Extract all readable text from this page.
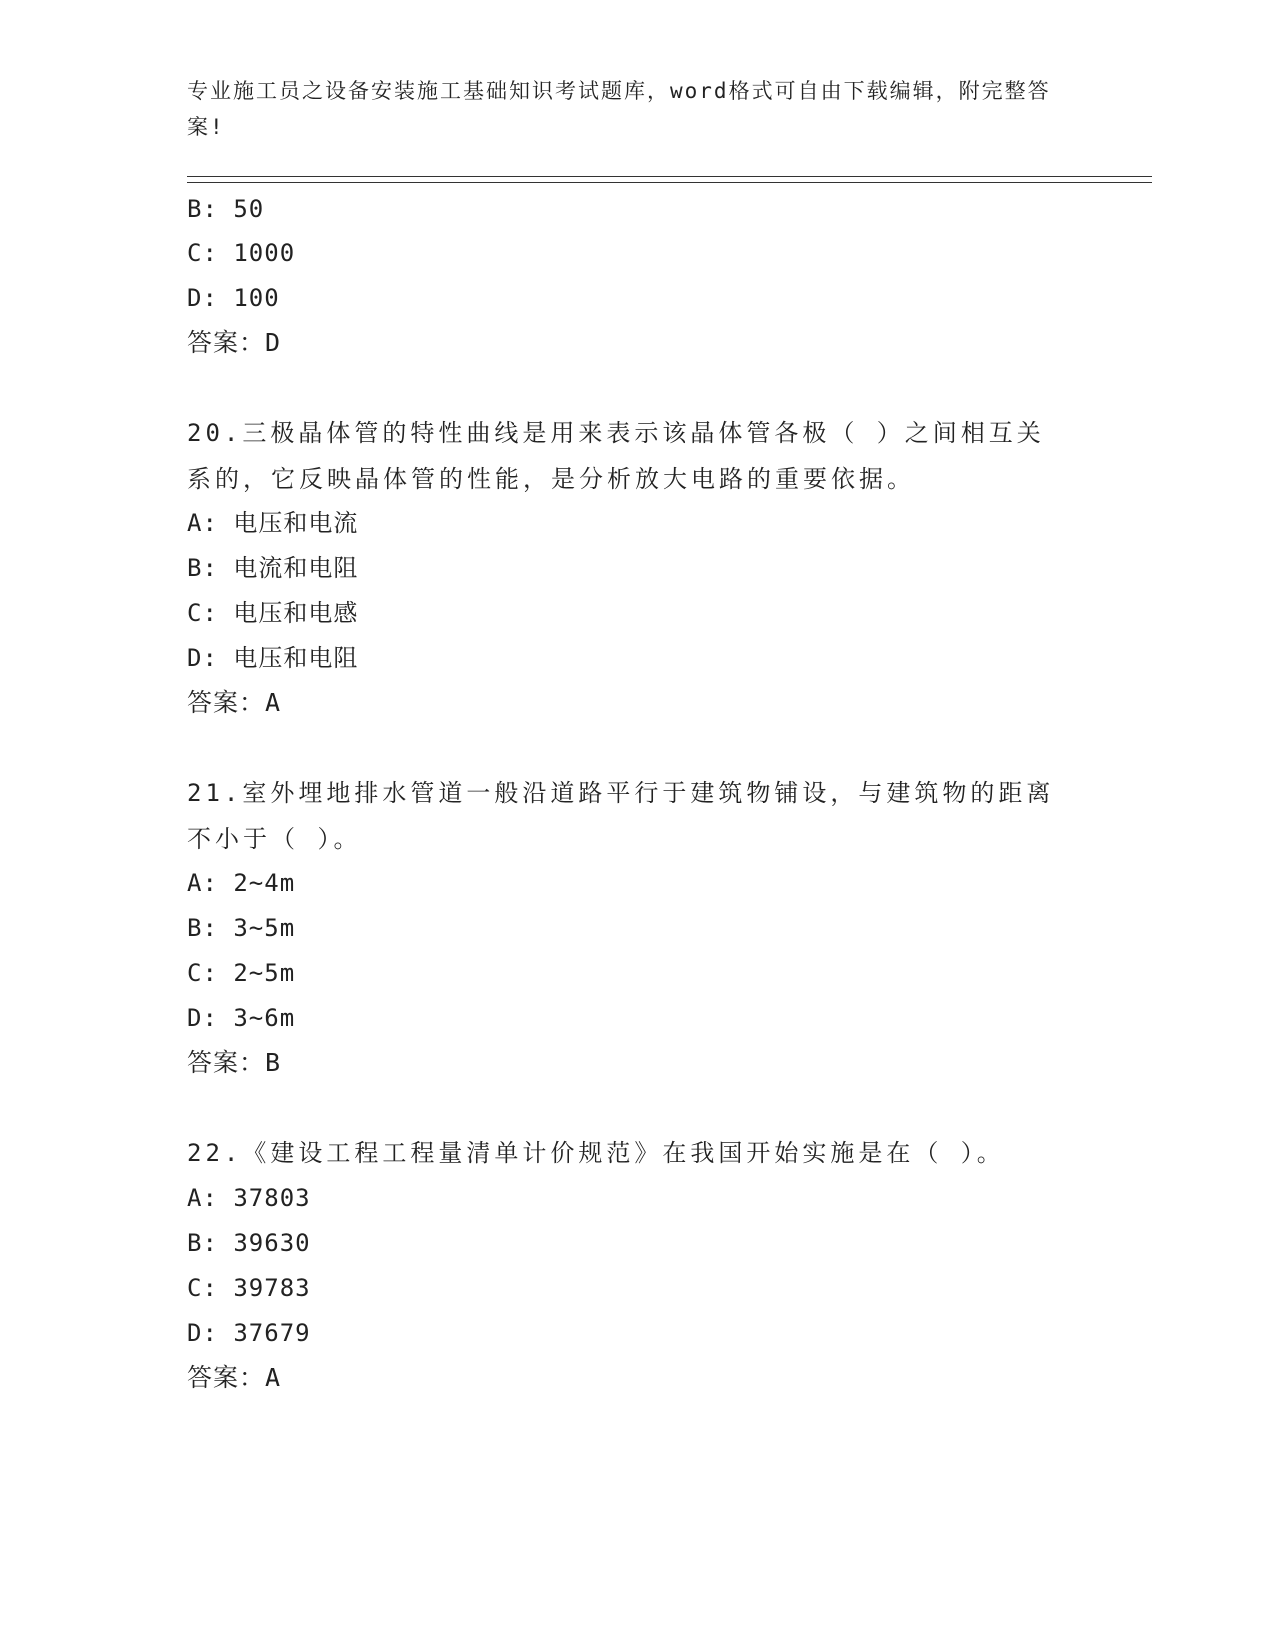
专业施工员之设备安装施工基础知识考试题库，word格式可自由下载编辑，附完整答案!
B: 50
C: 1000
D: 100
答案：D
20.三极晶体管的特性曲线是用来表示该晶体管各极（ ）之间相互关系的，它反映晶体管的性能，是分析放大电路的重要依据。
A: 电压和电流
B: 电流和电阻
C: 电压和电感
D: 电压和电阻
答案：A
21.室外埋地排水管道一般沿道路平行于建筑物铺设，与建筑物的距离不小于（ ）。
A: 2~4m
B: 3~5m
C: 2~5m
D: 3~6m
答案：B
22.《建设工程工程量清单计价规范》在我国开始实施是在（ ）。
A: 37803
B: 39630
C: 39783
D: 37679
答案：A
